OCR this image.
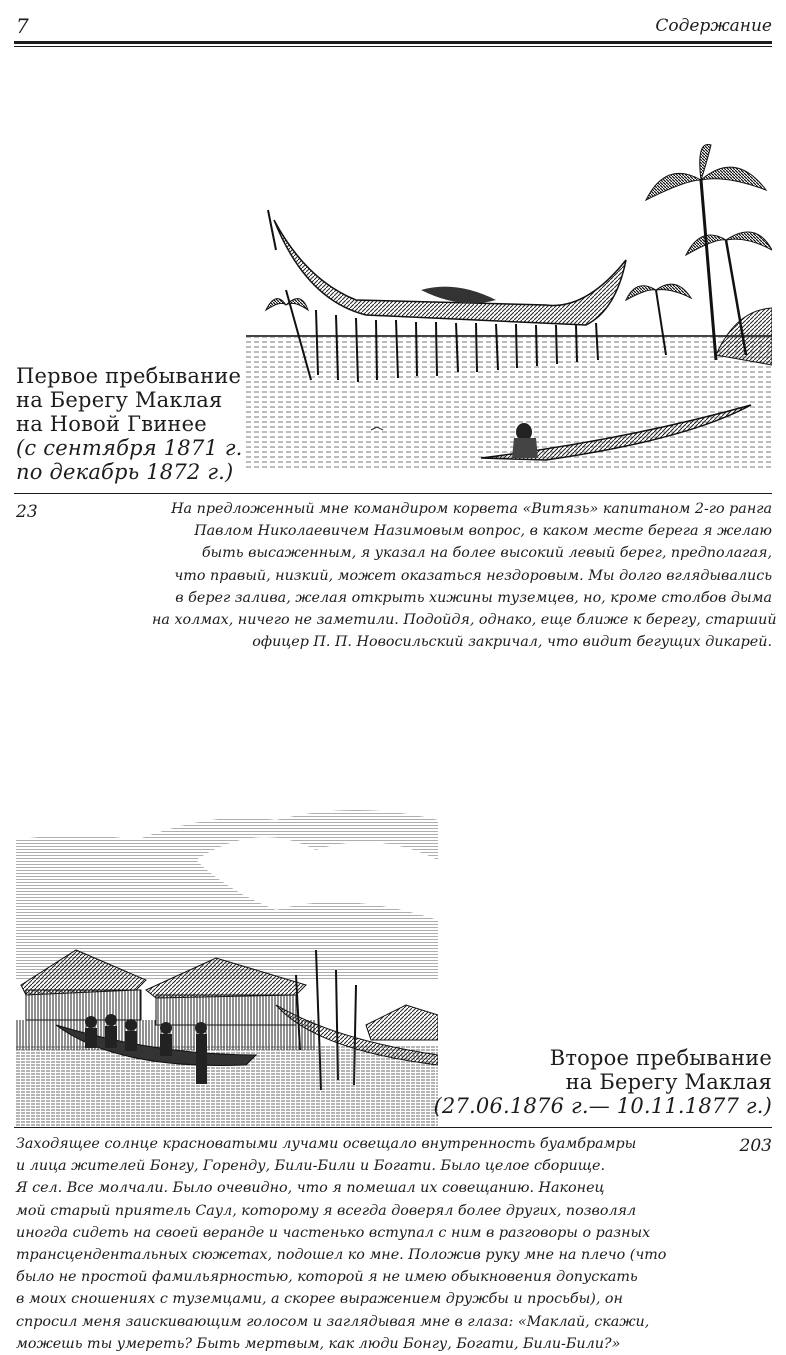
7	Содержание
Первое пребывание
на Берегу Маклая
на Новой Гвинее
(с сентября 1871 г.
по декабрь 1872 г.)
23	На предложенный мне командиром корвета «Витязь» капитаном 2-го ранга
Павлом Николаевичем Назимовым вопрос, в каком месте берега я желаю
быть высаженным, я указал на более высокий левый берег, предполагая,
что правый, низкий, может оказаться нездоровым. Мы долго вглядывались
в берег залива, желая открыть хижины туземцев, но, кроме столбов дыма
на холмах, ничего не заметили. Подойдя, однако, еще ближе к берегу, старший
офицер П. П. Новосильский закричал, что видит бегущих дикарей.
Второе пребывание
на Берегу Маклая
(27.06.1876 г.— 10.11.1877 г.)
203
Заходящее солнце красноватыми лучами освещало внутренность буамбрамры
и лица жителей Бонгу, Горенду, Били-Били и Богати. Было целое сборище.
Я сел. Все молчали. Было очевидно, что я помешал их совещанию. Наконец
мой старый приятель Саул, которому я всегда доверял более других, позволял
иногда сидеть на своей веранде и частенько вступал с ним в разговоры о разных
трансцендентальных сюжетах, подошел ко мне. Положив руку мне на плечо (что
было не простой фамильярностью, которой я не имею обыкновения допускать
в моих сношениях с туземцами, а скорее выражением дружбы и просьбы), он
спросил меня заискивающим голосом и заглядывая мне в глаза: «Маклай, скажи,
можешь ты умереть? Быть мертвым, как люди Бонгу, Богати, Били-Били?»
